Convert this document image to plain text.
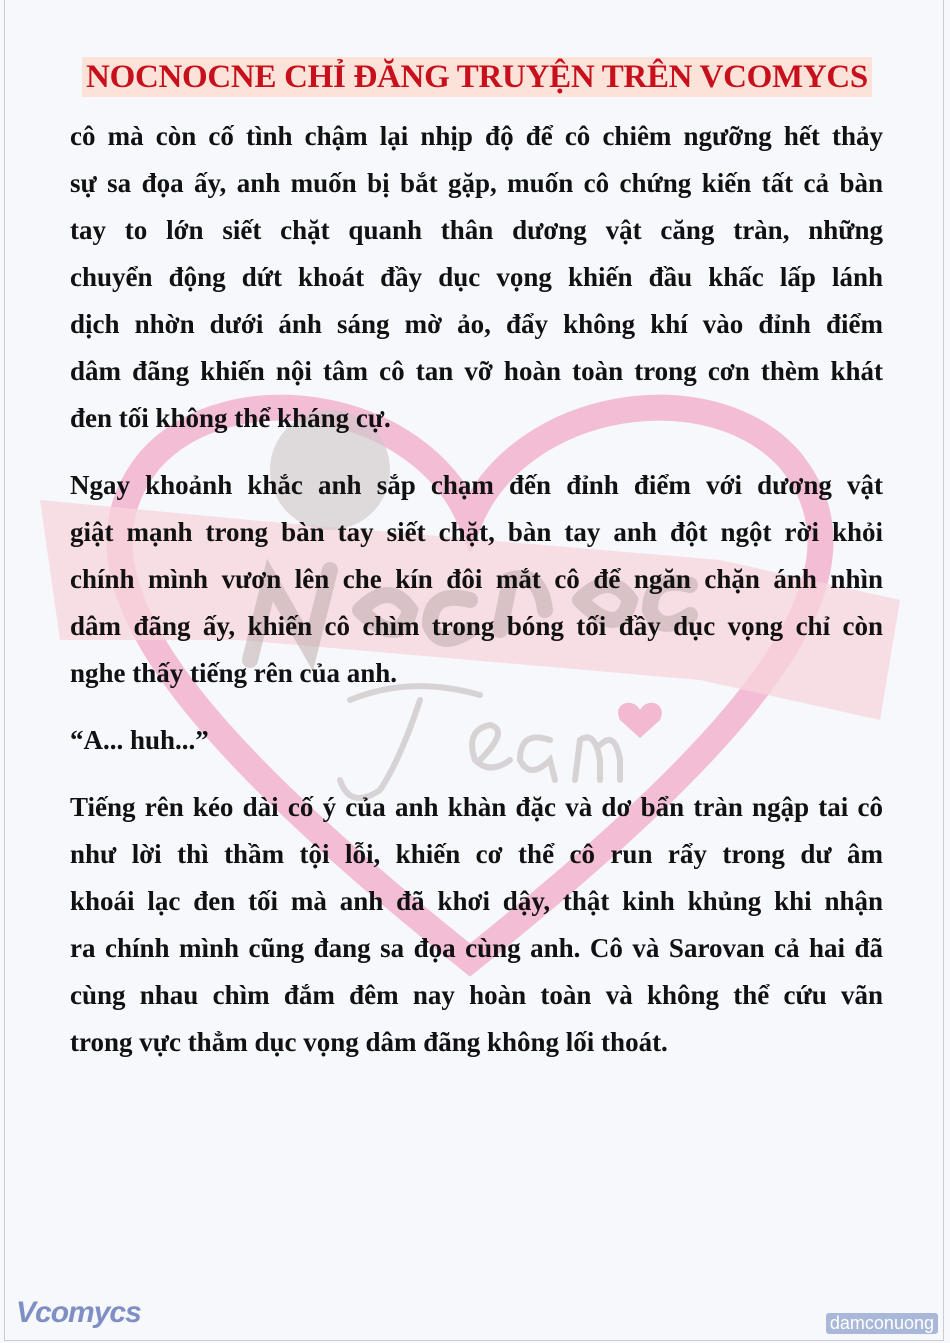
NOCNOCNE CHỈ ĐĂNG TRUYỆN TRÊN VCOMYCS
cô mà còn cố tình chậm lại nhịp độ để cô chiêm ngưỡng hết thảy
sự sa đọa ấy, anh muốn bị bắt gặp, muốn cô chứng kiến tất cả bàn
tay to lớn siết chặt quanh thân dương vật căng tràn, những
chuyển động dứt khoát đầy dục vọng khiến đầu khấc lấp lánh
dịch nhờn dưới ánh sáng mờ ảo, đẩy không khí vào đỉnh điểm
dâm đãng khiến nội tâm cô tan vỡ hoàn toàn trong cơn thèm khát
đen tối không thể kháng cự.
Ngay khoảnh khắc anh sắp chạm đến đỉnh điểm với dương vật
giật mạnh trong bàn tay siết chặt, bàn tay anh đột ngột rời khỏi
chính mình vươn lên che kín đôi mắt cô để ngăn chặn ánh nhìn
dâm đãng ấy, khiến cô chìm trong bóng tối đầy dục vọng chỉ còn
nghe thấy tiếng rên của anh.
“A... huh...”
Tiếng rên kéo dài cố ý của anh khàn đặc và dơ bẩn tràn ngập tai cô
như lời thì thầm tội lỗi, khiến cơ thể cô run rẩy trong dư âm
khoái lạc đen tối mà anh đã khơi dậy, thật kinh khủng khi nhận
ra chính mình cũng đang sa đọa cùng anh. Cô và Sarovan cả hai đã
cùng nhau chìm đắm đêm nay hoàn toàn và không thể cứu vãn
trong vực thẳm dục vọng dâm đãng không lối thoát.
Vcomycs	damconuong
